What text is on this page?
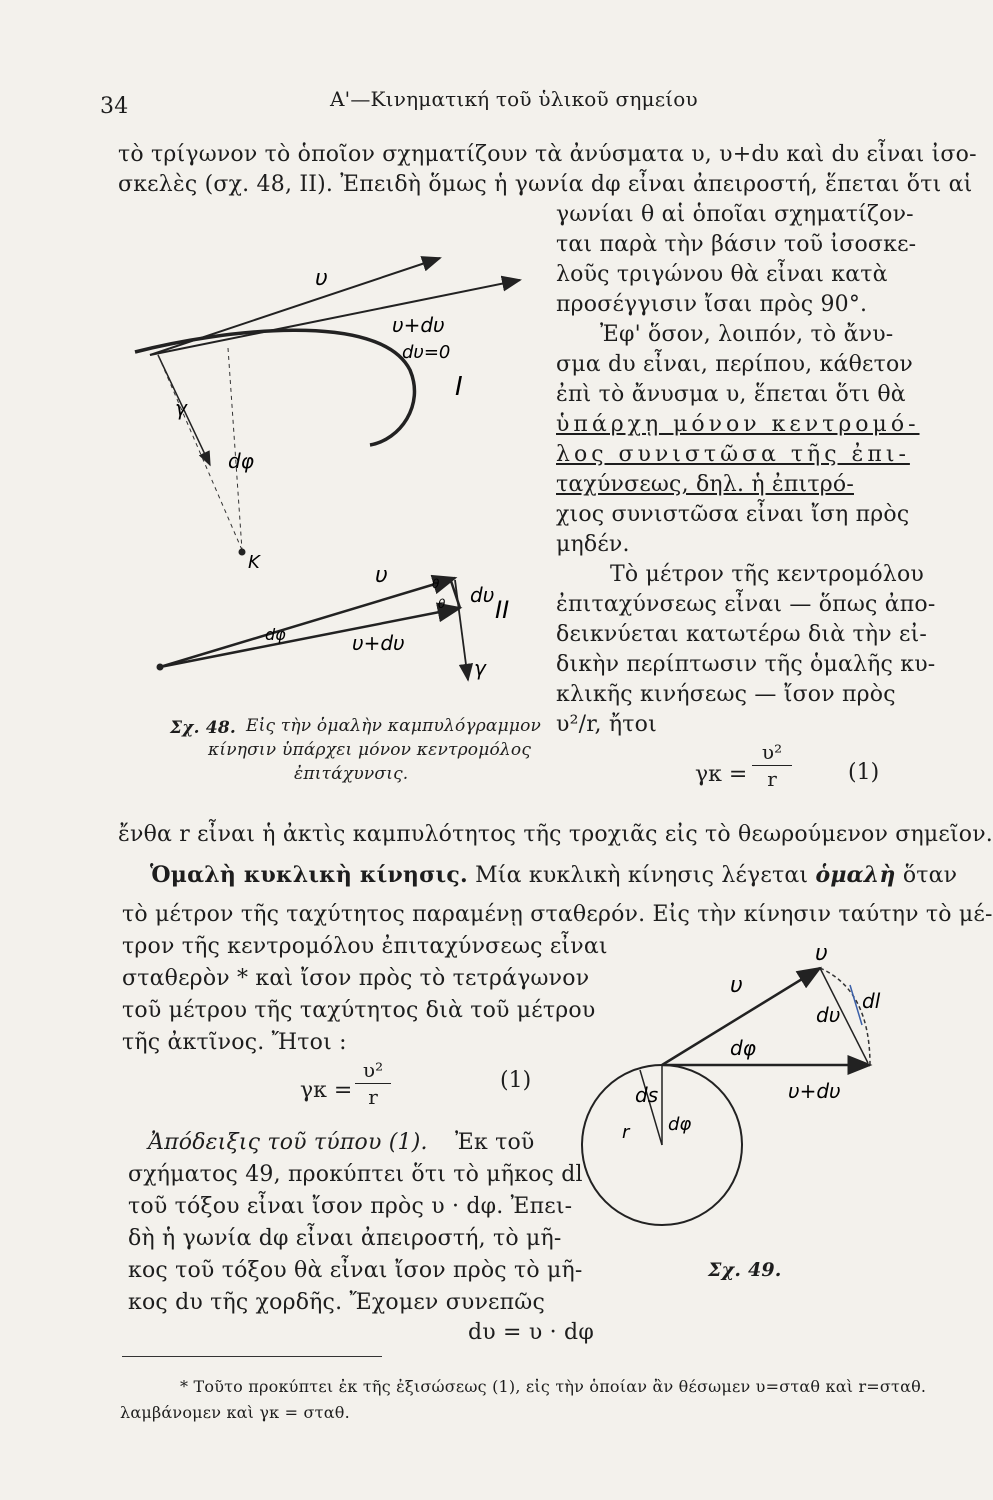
34	Α'—Κινηματική τοῦ ὑλικοῦ σημείου
τὸ τρίγωνον τὸ ὁποῖον σχηματίζουν τὰ ἀνύσματα υ, υ+dυ καὶ dυ εἶναι ἰσο-
σκελὲς (σχ. 48, II). Ἐπειδὴ ὅμως ἡ γωνία dφ εἶναι ἀπειροστή, ἕπεται ὅτι αἱ
γωνίαι θ αἱ ὁποῖαι σχηματίζον-
ται παρὰ τὴν βάσιν τοῦ ἰσοσκε-
λοῦς τριγώνου θὰ εἶναι κατὰ
προσέγγισιν ἴσαι πρὸς 90°.
Ἐφ' ὅσον, λοιπόν, τὸ ἄνυ-
σμα dυ εἶναι, περίπου, κάθετον
ἐπὶ τὸ ἄνυσμα υ, ἕπεται ὅτι θὰ
ὑπάρχῃ μόνον κεντρομό-
λος συνιστῶσα τῆς ἐπι-
ταχύνσεως, δηλ. ἡ ἐπιτρό-
χιος συνιστῶσα εἶναι ἴση πρὸς
μηδέν.
Τὸ μέτρον τῆς κεντρομόλου
ἐπιταχύνσεως εἶναι — ὅπως ἀπο-
δεικνύεται κατωτέρω διὰ τὴν εἰ-
δικὴν περίπτωσιν τῆς ὁμαλῆς κυ-
κλικῆς κινήσεως — ἴσον πρὸς
υ²/r, ἤτοι
γκ =
υ²
r	(1)
υ
υ+dυ
dυ=0
I
γ
dφ
K
υ
dυ
θ
θ II
dφ	υ+dυ
γ
Σχ. 48. Εἰς τὴν ὁμαλὴν καμπυλόγραμμον
κίνησιν ὑπάρχει μόνον κεντρομόλος
ἐπιτάχυνσις.
ἔνθα r εἶναι ἡ ἀκτὶς καμπυλότητος τῆς τροχιᾶς εἰς τὸ θεωρούμενον σημεῖον.
Ὁμαλὴ κυκλικὴ κίνησις. Μία κυκλικὴ κίνησις λέγεται ὁμαλὴ ὅταν
τὸ μέτρον τῆς ταχύτητος παραμένῃ σταθερόν. Εἰς τὴν κίνησιν ταύτην τὸ μέ-
τρον τῆς κεντρομόλου ἐπιταχύνσεως εἶναι
σταθερὸν * καὶ ἴσον πρὸς τὸ τετράγωνον
τοῦ μέτρου τῆς ταχύτητος διὰ τοῦ μέτρου
τῆς ἀκτῖνος. Ἤτοι :
γκ =
υ²
r
(1)
Ἀπόδειξις τοῦ τύπου (1). Ἐκ τοῦ
σχήματος 49, προκύπτει ὅτι τὸ μῆκος dl
τοῦ τόξου εἶναι ἴσον πρὸς υ · dφ. Ἐπει-
δὴ ἡ γωνία dφ εἶναι ἀπειροστή, τὸ μῆ-
κος τοῦ τόξου θὰ εἶναι ἴσον πρὸς τὸ μῆ-
κος dυ τῆς χορδῆς. Ἔχομεν συνεπῶς
dυ = υ · dφ
υ
υ
dυ
dl
dφ
υ+dυ
ds
r dφ
Σχ. 49.
* Τοῦτο προκύπτει ἐκ τῆς ἐξισώσεως (1), εἰς τὴν ὁποίαν ἂν θέσωμεν υ=σταθ καὶ r=σταθ.
λαμβάνομεν καὶ γκ = σταθ.
